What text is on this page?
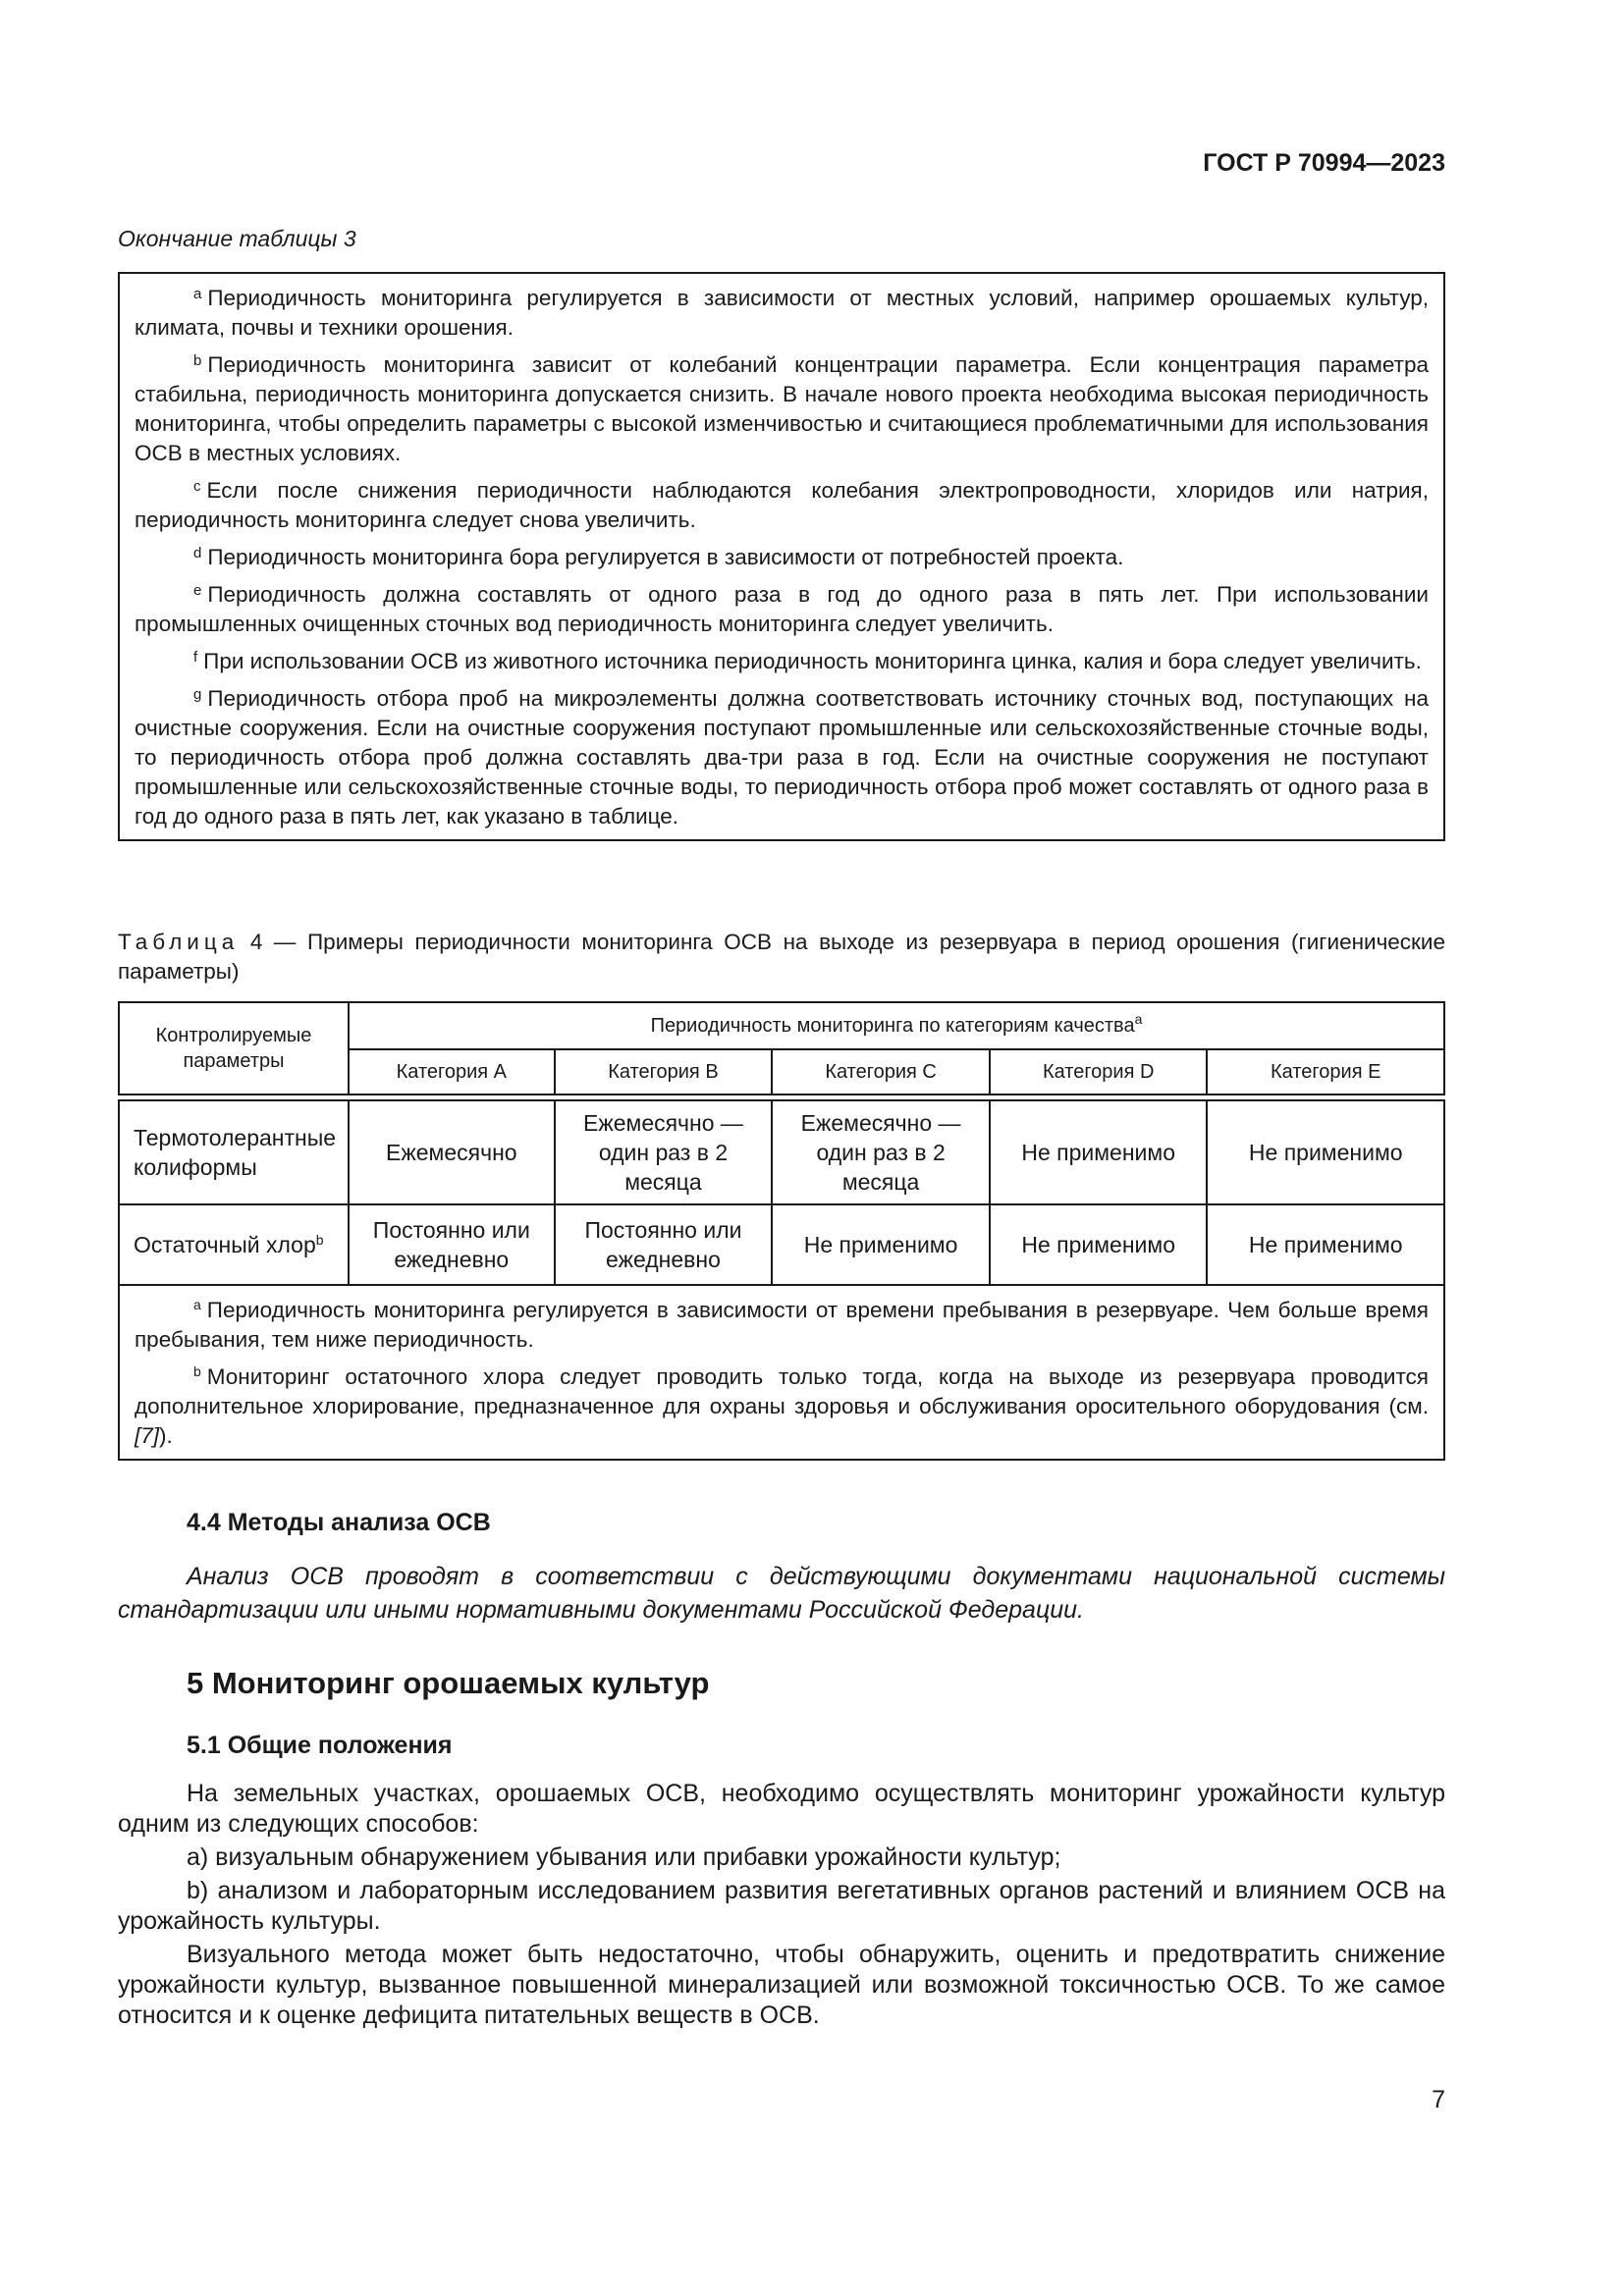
ГОСТ Р 70994—2023
Окончание таблицы 3

$^a$ Периодичность мониторинга регулируется в зависимости от местных условий, например орошаемых культур, климата, почвы и техники орошения.

$^b$ Периодичность мониторинга зависит от колебаний концентрации параметра. Если концентрация параметра стабильна, периодичность мониторинга допускается снизить. В начале нового проекта необходима высокая периодичность мониторинга, чтобы определить параметры с высокой изменчивостью и считающиеся проблематичными для использования ОСВ в местных условиях.

$^c$ Если после снижения периодичности наблюдаются колебания электропроводности, хлоридов или натрия, периодичность мониторинга следует снова увеличить.

$^d$ Периодичность мониторинга бора регулируется в зависимости от потребностей проекта.

$^e$ Периодичность должна составлять от одного раза в год до одного раза в пять лет. При использовании промышленных очищенных сточных вод периодичность мониторинга следует увеличить.

$^f$ При использовании ОСВ из животного источника периодичность мониторинга цинка, калия и бора следует увеличить.

$^g$ Периодичность отбора проб на микроэлементы должна соответствовать источнику сточных вод, поступающих на очистные сооружения. Если на очистные сооружения поступают промышленные или сельскохозяйственные сточные воды, то периодичность отбора проб должна составлять два-три раза в год. Если на очистные сооружения не поступают промышленные или сельскохозяйственные сточные воды, то периодичность отбора проб может составлять от одного раза в год до одного раза в пять лет, как указано в таблице.

Таблица 4 — Примеры периодичности мониторинга ОСВ на выходе из резервуара в период орошения (гигиенические параметры)
Контролируемые параметры	Периодичность мониторинга по категориям качества$^a$
	Категория A	Категория B	Категория C	Категория D	Категория E

Термотолерантные колиформы	Ежемесячно	Ежемесячно — один раз в 2 месяца	Ежемесячно — один раз в 2 месяца	Не применимо	Не применимо
Остаточный хлор$^b$	Постоянно или ежедневно	Постоянно или ежедневно	Не применимо	Не применимо	Не применимо

$^a$ Периодичность мониторинга регулируется в зависимости от времени пребывания в резервуаре. Чем больше время пребывания, тем ниже периодичность.

$^b$ Мониторинг остаточного хлора следует проводить только тогда, когда на выходе из резервуара проводится дополнительное хлорирование, предназначенное для охраны здоровья и обслуживания оросительного оборудования (см. [7]).					

4.4 Методы анализа ОСВ

Анализ ОСВ проводят в соответствии с действующими документами национальной системы стандартизации или иными нормативными документами Российской Федерации.

5 Мониторинг орошаемых культур
5.1 Общие положения

На земельных участках, орошаемых ОСВ, необходимо осуществлять мониторинг урожайности культур одним из следующих способов:

a) визуальным обнаружением убывания или прибавки урожайности культур;

b) анализом и лабораторным исследованием развития вегетативных органов растений и влиянием ОСВ на урожайность культуры.

Визуального метода может быть недостаточно, чтобы обнаружить, оценить и предотвратить снижение урожайности культур, вызванное повышенной минерализацией или возможной токсичностью ОСВ. То же самое относится и к оценке дефицита питательных веществ в ОСВ.

7
